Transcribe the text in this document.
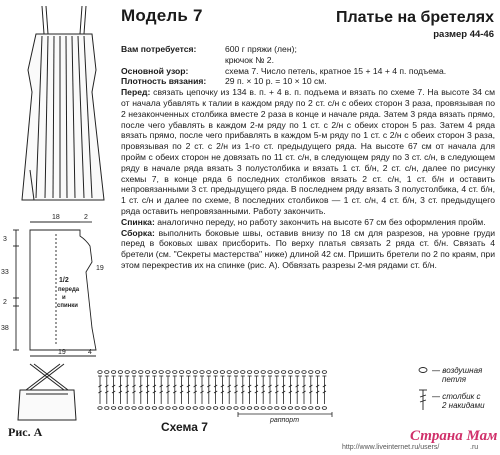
18	2
3
33
2
38
19
19	4
1/2
переда
и
спинки
Рис. А
Модель 7	Платье на бретелях
размер 44-46
Вам потребуется:	600 г пряжи (лен);
крючок № 2.
Основной узор:	схема 7. Число петель, кратное 15 + 14 + 4 п. подъема.
Плотность вязания:	29 п. × 10 р. = 10 × 10 см.
Перед: связать цепочку из 134 в. п. + 4 в. п. подъема и вязать по схеме 7. На высоте 34 см от начала убавлять к талии в каждом ряду по 2 ст. с/н с обеих сторон 3 раза, провязывая по 2 незаконченных столбика вместе 2 раза в конце и начале ряда. Затем 3 ряда вязать прямо, после чего убавлять в каждом 2-м ряду по 1 ст. с 2/н с обеих сторон 5 раз. Затем 4 ряда вязать прямо, после чего прибавлять в каждом 5-м ряду по 1 ст. с 2/н с обеих сторон 3 раза, провязывая по 2 ст. с 2/н из 1-го ст. предыдущего ряда. На высоте 67 см от начала для пройм с обеих сторон не довязать по 11 ст. с/н, в следующем ряду по 3 ст. с/н, в следующем ряду в начале ряда вязать 3 полустолбика и вязать 1 ст. б/н, 2 ст. с/н, далее по рисунку схемы 7, в конце ряда 6 последних столбиков вязать 2 ст. с/н, 1 ст. б/н и оставить непровязанными 3 ст. предыдущего ряда. В последнем ряду вязать 3 полустолбика, 4 ст. б/н, 1 ст. с/н и далее по схеме, 8 последних столбиков — 1 ст. с/н, 4 ст. б/н, 3 ст. предыдущего ряда оставить непровязанными. Работу закончить.
Спинка: аналогично переду, но работу закончить на высоте 67 см без оформления пройм.
Сборка: выполнить боковые швы, оставив внизу по 18 см для разрезов, на уровне груди перед в боковых швах присборить. По верху платья связать 2 ряда ст. б/н. Связать 4 бретели (см. "Секреты мастерства" ниже) длиной 42 см. Пришить бретели по 2 по краям, при этом перекрестив их на спинке (рис. А). Обвязать разрезы 2-мя рядами ст. б/н.
Схема 7	раппорт
— воздушная
петля
— столбик с
2 накидами
http://www.liveinternet.ru/users/
Страна Мам
.ru
